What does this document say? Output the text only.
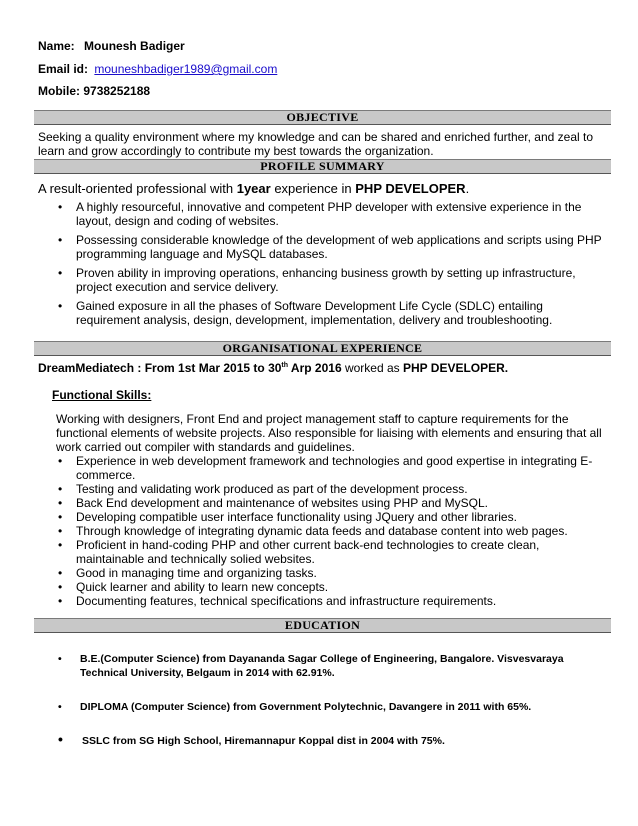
Name: Mounesh Badiger
Email id: mouneshbadiger1989@gmail.com
Mobile: 9738252188
OBJECTIVE
Seeking a quality environment where my knowledge and can be shared and enriched further, and zeal to learn and grow accordingly to contribute my best towards the organization.
PROFILE SUMMARY
A result-oriented professional with 1year experience in PHP DEVELOPER.
• A highly resourceful, innovative and competent PHP developer with extensive experience in the layout, design and coding of websites.
• Possessing considerable knowledge of the development of web applications and scripts using PHP programming language and MySQL databases.
• Proven ability in improving operations, enhancing business growth by setting up infrastructure, project execution and service delivery.
• Gained exposure in all the phases of Software Development Life Cycle (SDLC) entailing requirement analysis, design, development, implementation, delivery and troubleshooting.
ORGANISATIONAL EXPERIENCE
DreamMediatech : From 1st Mar 2015 to 30th Arp 2016 worked as PHP DEVELOPER.
Functional Skills:
Working with designers, Front End and project management staff to capture requirements for the functional elements of website projects. Also responsible for liaising with elements and ensuring that all work carried out compiler with standards and guidelines.
• Experience in web development framework and technologies and good expertise in integrating E-commerce.
• Testing and validating work produced as part of the development process.
• Back End development and maintenance of websites using PHP and MySQL.
• Developing compatible user interface functionality using JQuery and other libraries.
• Through knowledge of integrating dynamic data feeds and database content into web pages.
• Proficient in hand-coding PHP and other current back-end technologies to create clean, maintainable and technically solied websites.
• Good in managing time and organizing tasks.
• Quick learner and ability to learn new concepts.
• Documenting features, technical specifications and infrastructure requirements.
EDUCATION
• B.E.(Computer Science) from Dayananda Sagar College of Engineering, Bangalore. Visvesvaraya Technical University, Belgaum in 2014 with 62.91%.
• DIPLOMA (Computer Science) from Government Polytechnic, Davangere in 2011 with 65%.
• SSLC from SG High School, Hiremannapur Koppal dist in 2004 with 75%.
